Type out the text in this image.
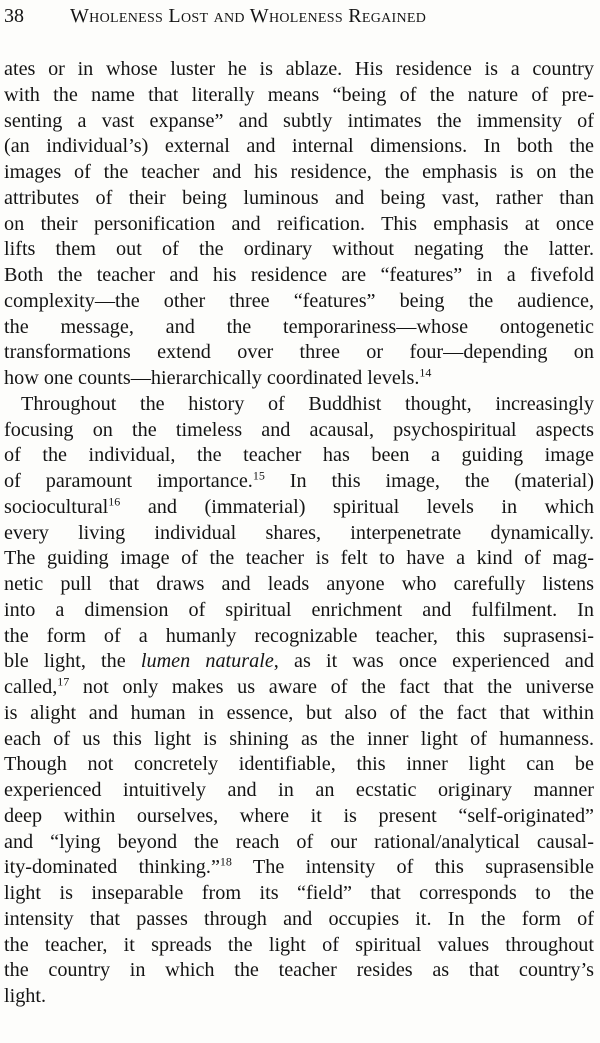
38 Wholeness Lost and Wholeness Regained
ates or in whose luster he is ablaze. His residence is a country
with the name that literally means “being of the nature of pre-
senting a vast expanse” and subtly intimates the immensity of
(an individual’s) external and internal dimensions. In both the
images of the teacher and his residence, the emphasis is on the
attributes of their being luminous and being vast, rather than
on their personification and reification. This emphasis at once
lifts them out of the ordinary without negating the latter.
Both the teacher and his residence are “features” in a fivefold
complexity—the other three “features” being the audience,
the message, and the temporariness—whose ontogenetic
transformations extend over three or four—depending on
how one counts—hierarchically coordinated levels.$^{14}$
Throughout the history of Buddhist thought, increasingly
focusing on the timeless and acausal, psychospiritual aspects
of the individual, the teacher has been a guiding image
of paramount importance.$^{15}$ In this image, the (material)
sociocultural$^{16}$ and (immaterial) spiritual levels in which
every living individual shares, interpenetrate dynamically.
The guiding image of the teacher is felt to have a kind of mag-
netic pull that draws and leads anyone who carefully listens
into a dimension of spiritual enrichment and fulfilment. In
the form of a humanly recognizable teacher, this suprasensi-
ble light, the lumen naturale, as it was once experienced and
called,$^{17}$ not only makes us aware of the fact that the universe
is alight and human in essence, but also of the fact that within
each of us this light is shining as the inner light of humanness.
Though not concretely identifiable, this inner light can be
experienced intuitively and in an ecstatic originary manner
deep within ourselves, where it is present “self-originated”
and “lying beyond the reach of our rational/analytical causal-
ity-dominated thinking.”$^{18}$ The intensity of this suprasensible
light is inseparable from its “field” that corresponds to the
intensity that passes through and occupies it. In the form of
the teacher, it spreads the light of spiritual values throughout
the country in which the teacher resides as that country’s
light.
